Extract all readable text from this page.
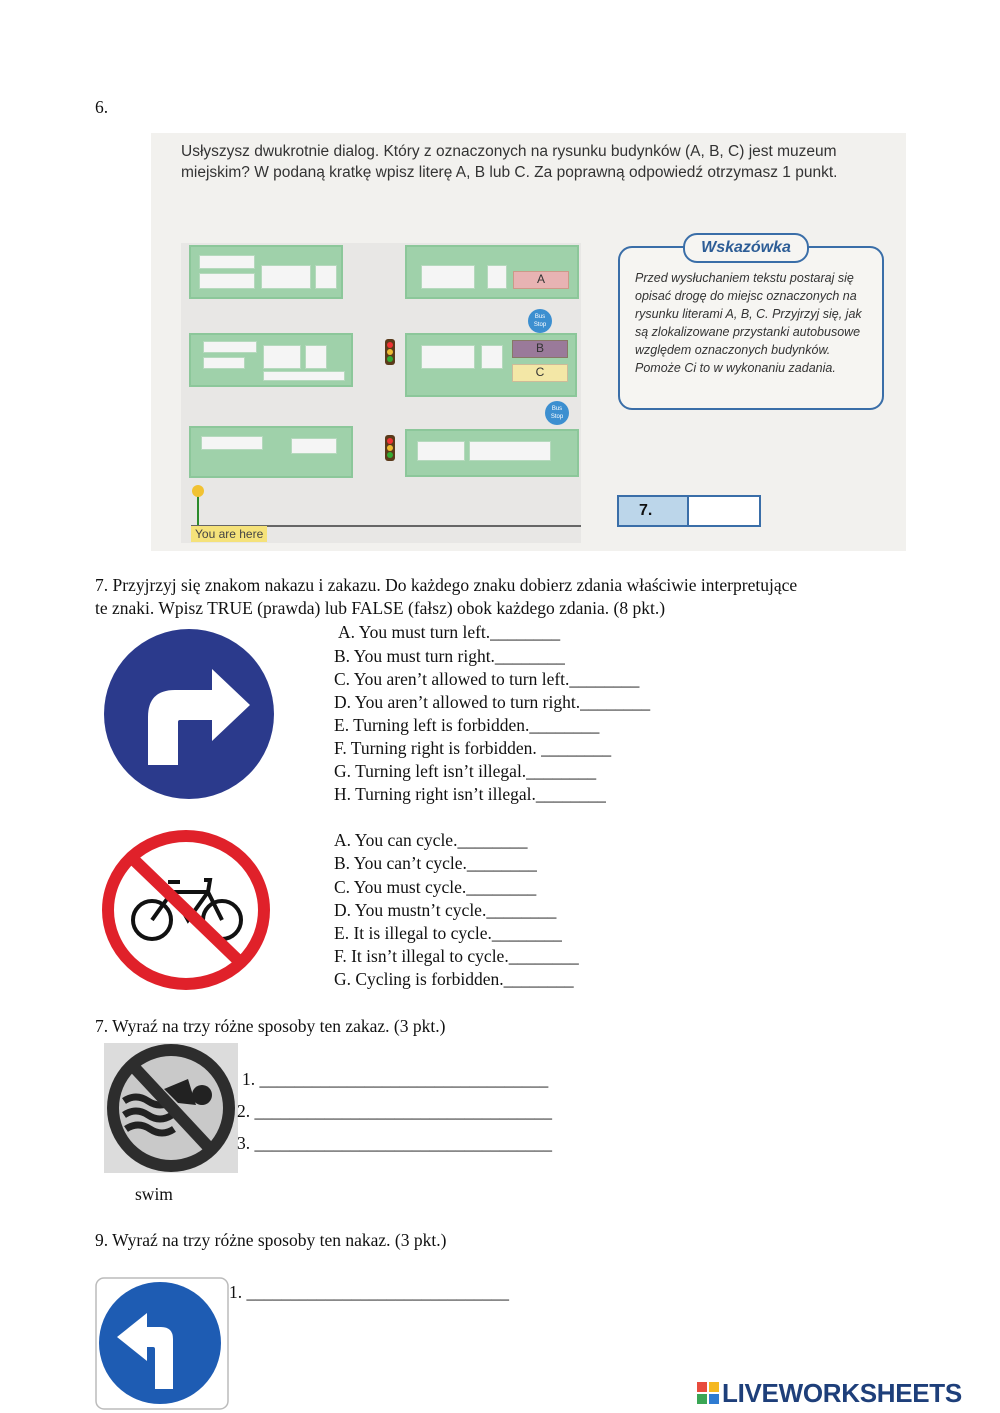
6.
Usłyszysz dwukrotnie dialog. Który z oznaczonych na rysunku budynków (A, B, C) jest muzeum miejskim? W podaną kratkę wpisz literę A, B lub C. Za poprawną odpowiedź otrzymasz 1 punkt.
A
B
C
Bus Stop
Bus Stop
You are here
Wskazówka
Przed wysłuchaniem tekstu postaraj się opisać drogę do miejsc oznaczonych na rysunku literami A, B, C. Przyjrzyj się, jak są zlokalizowane przystanki autobusowe względem oznaczonych budynków. Pomoże Ci to w wykonaniu zadania.
7.
7. Przyjrzyj się znakom nakazu i zakazu. Do każdego znaku dobierz zdania właściwie interpretujące
te znaki. Wpisz TRUE (prawda) lub FALSE (fałsz) obok każdego zdania. (8 pkt.)
A. You must turn left.________
B. You must turn right.________
C. You aren’t allowed to turn left.________
D. You aren’t allowed to turn right.________
E. Turning left is forbidden.________
F. Turning right is forbidden. ________
G. Turning left isn’t illegal.________
H. Turning right isn’t illegal.________
A. You can cycle.________
B. You can’t cycle.________
C. You must cycle.________
D. You mustn’t cycle.________
E. It is illegal to cycle.________
F. It isn’t illegal to cycle.________
G. Cycling is forbidden.________
7. Wyraź na trzy różne sposoby ten zakaz. (3 pkt.)
1. _________________________________
2. __________________________________
3. __________________________________
swim
9. Wyraź na trzy różne sposoby ten nakaz. (3 pkt.)
1. ______________________________
LIVEWORKSHEETS
